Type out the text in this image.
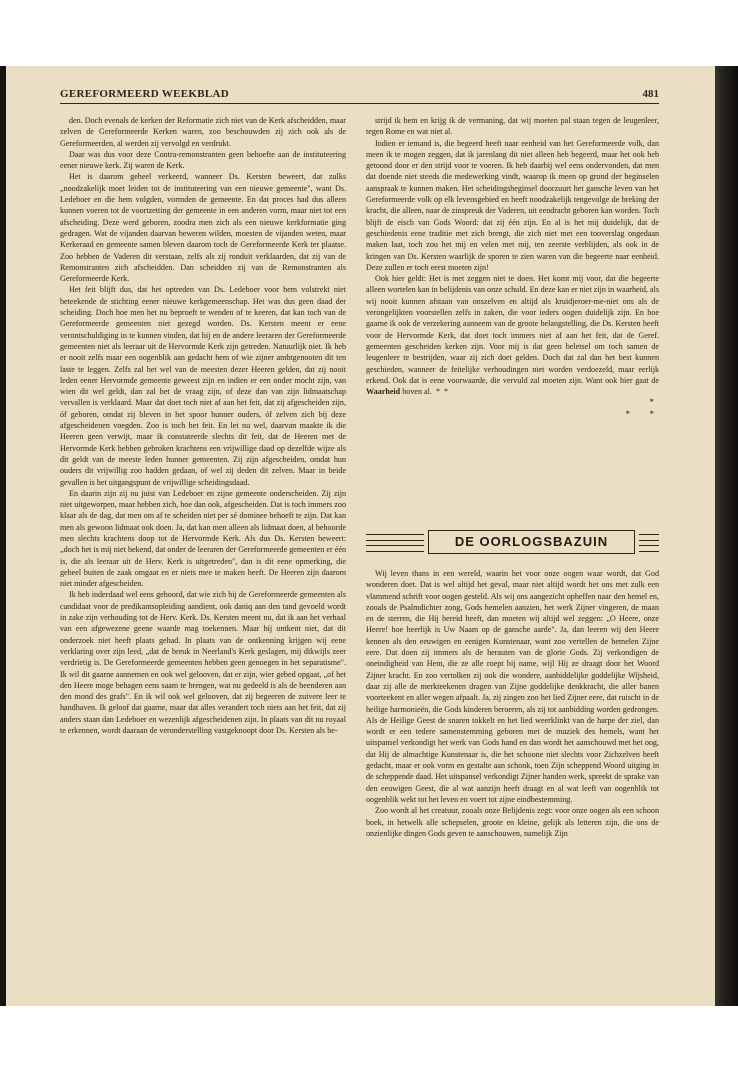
GEREFORMEERD WEEKBLAD	481

den. Doch evenals de kerken der Reformatie zich niet van de Kerk afscheidden, maar zelven de Gereformeerde Kerken waren, zoo beschouwden zij zich ook als de Gereformeerden, al werden zij vervolgd en verdrukt.

Daar was dus voor deze Contra-remonstranten geen behoefte aan de instituteering eener nieuwe kerk. Zij waren de Kerk.

Het is daarom geheel verkeerd, wanneer Ds. Kersten beweert, dat zulks „noodzakelijk moet leiden tot de instituteering van een nieuwe gemeente", want Ds. Ledeboer en die hem volgden, vormden de gemeente. En dat proces had dus alleen kunnen voeren tot de voortzetting der gemeente in een anderen vorm, maar niet tot een afscheiding. Deze werd geboren, zoodra men zich als een nieuwe kerkformatie ging gedragen. Wat de vijanden daarvan beweren wilden, moesten de vijanden weten, maar Kerkeraad en gemeente samen bleven daarom toch de Gereformeerde Kerk ter plaatse. Zoo hebben de Vaderen dit verstaan, zelfs als zij ronduit verklaarden, dat zij van de Remonstranten zich afscheidden. Dan scheidden zij van de Remonstranten als Gereformeerde Kerk.

Het feit blijft dus, dat het optreden van Ds. Ledeboer voor hem volstrekt niet beteekende de stichting eener nieuwe kerkgemeenschap. Het was dus geen daad der scheiding. Doch hoe men het nu beproeft te wenden of te keeren, dat kan toch van de Gereformeerde gemeenten niet gezegd worden. Ds. Kersten meent er eene verontschuldiging in te kunnen vinden, dat hij en de andere leeraren der Gereformeerde gemeenten niet als leeraar uit de Hervormde Kerk zijn getreden. Natuurlijk niet. Ik heb er nooit zelfs maar een oogenblik aan gedacht hem of wie zijner ambtgenooten dit ten laste te leggen. Zelfs zal het wel van de meesten dezer Heeren gelden, dat zij nooit leden eener Hervormde gemeente geweest zijn en indien er een onder mocht zijn, van wien dit wel geldt, dan zal het de vraag zijn, of deze dan van zijn lidmaatschap vervallen is verklaard. Maar dat doet toch niet af aan het feit, dat zij afgescheiden zijn, óf geboren, omdat zij bleven in het spoor hunner ouders, óf zelven zich bij deze afgescheidenen voegden. Zoo is toch het feit. En let nu wel, daarvan maakte ik die Heeren geen verwijt, maar ik constateerde slechts dit feit, dat de Heeren met de Hervormde Kerk hebben gebroken krachtens een vrijwillige daad op dezelfde wijze als dit geldt van de meeste leden hunner gemeenten. Zij zijn afgescheiden, omdat hun ouders dit vrijwillig zoo hadden gedaan, of wel zij deden dit zelven. Maar in beide gevallen is het uitgangspunt de vrijwillige scheidingsdaad.

En daarin zijn zij nu juist van Ledeboer en zijne gemeente onderscheiden. Zij zijn niet uitgeworpen, maar hebben zich, hoe dan ook, afgescheiden. Dat is toch immers zoo klaar als de dag, dat men om af te scheiden niet per sé dominee behoeft te zijn. Dat kan men als gewoon lidmaat ook doen. Ja, dat kan men alleen als lidmaat doen, al behoorde men slechts krachtens doop tot de Hervormde Kerk. Als dus Ds. Kersten beweert: „doch het is mij niet bekend, dat onder de leeraren der Gereformeerde gemeenten er één is, die als leeraar uit de Herv. Kerk is uitgetreden", dan is dit eene opmerking, die geheel buiten de zaak omgaat en er niets mee te maken heeft. De Heeren zijn daarom niet minder afgescheiden.

Ik heb inderdaad wel eens gehoord, dat wie zich bij de Gereformeerde gemeenten als candidaat voor de predikantsopleiding aandient, ook daniq aan den tand gevoeld wordt in zake zijn verhouding tot de Herv. Kerk. Ds. Kersten meent nu, dat ik aan het verhaal van een afgewezene geene waarde mag toekennen. Maar hij ontkent niet, dat dit onderzoek niet heeft plaats gehad. In plaats van de ontkenning krijgen wij eene verklaring over zijn leed, „dat de breuk in Neerland's Kerk geslagen, mij dikwijls zeer verdrietig is. De Gereformeerde gemeenten hebben geen genoegen in het separatisme". Ik wil dit gaarne aannemen en ook wel gelooven, dat er zijn, wier gebed opgaat, „of het den Heere moge behagen eens saam te brengen, wat nu gedeeld is als de beenderen aan den mond des grafs". En ik wil ook wel gelooven, dat zij begeeren de zuivere leer te handhaven. Ik geloof dat gaarne, maar dat alles verandert toch niets aan het feit, dat zij anders staan dan Ledeboer en wezenlijk afgescheidenen zijn. In plaats van dit nu royaal te erkennen, wordt daaraan de veronderstelling vastgeknoopt door Ds. Kersten als be-

strijd ik hem en krijg ik de vermaning, dat wij moeten pal staan tegen de leugenleer, tegen Rome en wat niet al.

Indien er iemand is, die begeerd heeft naar eenheid van het Gereformeerde volk, dan meen ik te mogen zeggen, dat ik jarenlang dit niet alleen heb begeerd, maar het ook heb getoond door er den strijd voor te voeren. Ik heb daarbij wel eens ondervonden, dat men dat doende niet steeds die medewerking vindt, waarop ik meen op grond der beginselen aanspraak te kunnen maken. Het scheidingsbeginsel doorzuurt het gansche leven van het Gereformeerde volk op elk levensgebied en heeft noodzakelijk tengevolge de breking der kracht, die alleen, naar de zinspreuk der Vaderen, uit eendracht geboren kan worden. Toch blijft de eisch van Gods Woord: dat zij één zijn. En al is het mij duidelijk, dat de geschiedenis eene traditie met zich brengt, die zich niet met een tooverslag ongedaan maken laat, toch zou het mij en velen met mij, ten zeerste verblijden, als ook in de kringen van Ds. Kersten waarlijk de sporen te zien waren van die begeerte naar eenheid. Deze zullen er toch eerst moeten zijn!

Ook hier geldt: Het is met zeggen niet te doen. Het komt mij voor, dat die begeerte alleen wortelen kan in belijdenis van onze schuld. En deze kan er niet zijn in waarheid, als wij nooit kunnen afstaan van onszelven en altijd als kruidjeroer-me-niet ons als de verongelijkten voorstellen zelfs in zaken, die voor ieders oogen duidelijk zijn. En hoe gaarne ik ook de verzekering aanneem van de groote belangstelling, die Ds. Kersten heeft voor de Hervormde Kerk, dat doet toch immers niet af aan het feit, dat de Geref. gemeenten gescheiden kerken zijn. Voor mij is dat geen beletsel om toch samen de leugenleer te bestrijden, waar zij zich doet gelden. Doch dat zal dan het best kunnen geschieden, wanneer de feitelijke verhoudingen niet worden verdoezeld, maar eerlijk erkend. Ook dat is eene voorwaarde, die vervuld zal moeten zijn. Want ook hier gaat de Waarheid boven al.  *  *

*
*  *
DE OORLOGSBAZUIN

Wij leven thans in een wereld, waarin het voor onze oogen waar wordt, dat God wonderen doet. Dat is wel altijd het geval, maar niet altijd wordt het ons met zulk een vlammend schrift voor oogen gesteld. Als wij ons aangezicht opheffen naar den hemel en, zooals de Psalmdichter zong, Gods hemelen aanzien, het werk Zijner vingeren, de maan en de sterren, die Hij bereid heeft, dan moeten wij altijd wel zeggen: „O Heere, onze Heere! hoe heerlijk is Uw Naam op de gansche aarde". Ja, dan leeren wij den Heere kennen als den eeuwigen en eenigen Kunstenaar, want zoo vertellen de hemelen Zijne eere. Dat doen zij immers als de herauten van de glorie Gods. Zij verkondigen de oneindigheid van Hem, die ze alle roept bij name, wijl Hij ze draagt door het Woord Zijner kracht. En zoo vertolken zij ook die wondere, aanbiddelijke goddelijke Wijsheid, daar zij alle de merkteekenen dragen van Zijne goddelijke denkkracht, die aller banen voorteekent en aller wegen afpaalt. Ja, zij zingen zoo het lied Zijner eere, dat ruischt in de heilige harmonieën, die Gods kinderen beroeren, als zij tot aanbidding worden gedrongen. Als de Heilige Geest de snaren tokkelt en het lied weerklinkt van de harpe der ziel, dan wordt er een tedere samenstemming geboren met de muziek des hemels, want het uitspansel verkondigt het werk van Gods hand en dan wordt het aanschouwd met het oog, dat Hij de almachtige Kunstenaar is, die het schoone niet slechts voor Zichzelven heeft gedacht, maar er ook vorm en gestalte aan schonk, toen Zijn scheppend Woord uitging in de scheppende daad. Het uitspansel verkondigt Zijner handen werk, spreekt de sprake van den eeuwigen Geest, die al wat aanzijn heeft draagt en al wat leeft van oogenblik tot oogenblik wekt tot het leven en voert tot zijne eindbestemming.

Zoo wordt al het creatuur, zooals onze Belijdenis zegt: voor onze oogen als een schoon boek, in hetwelk alle schepselen, groote en kleine, gelijk als letteren zijn, die ons de onzienlijke dingen Gods geven te aanschouwen, namelijk Zijn
